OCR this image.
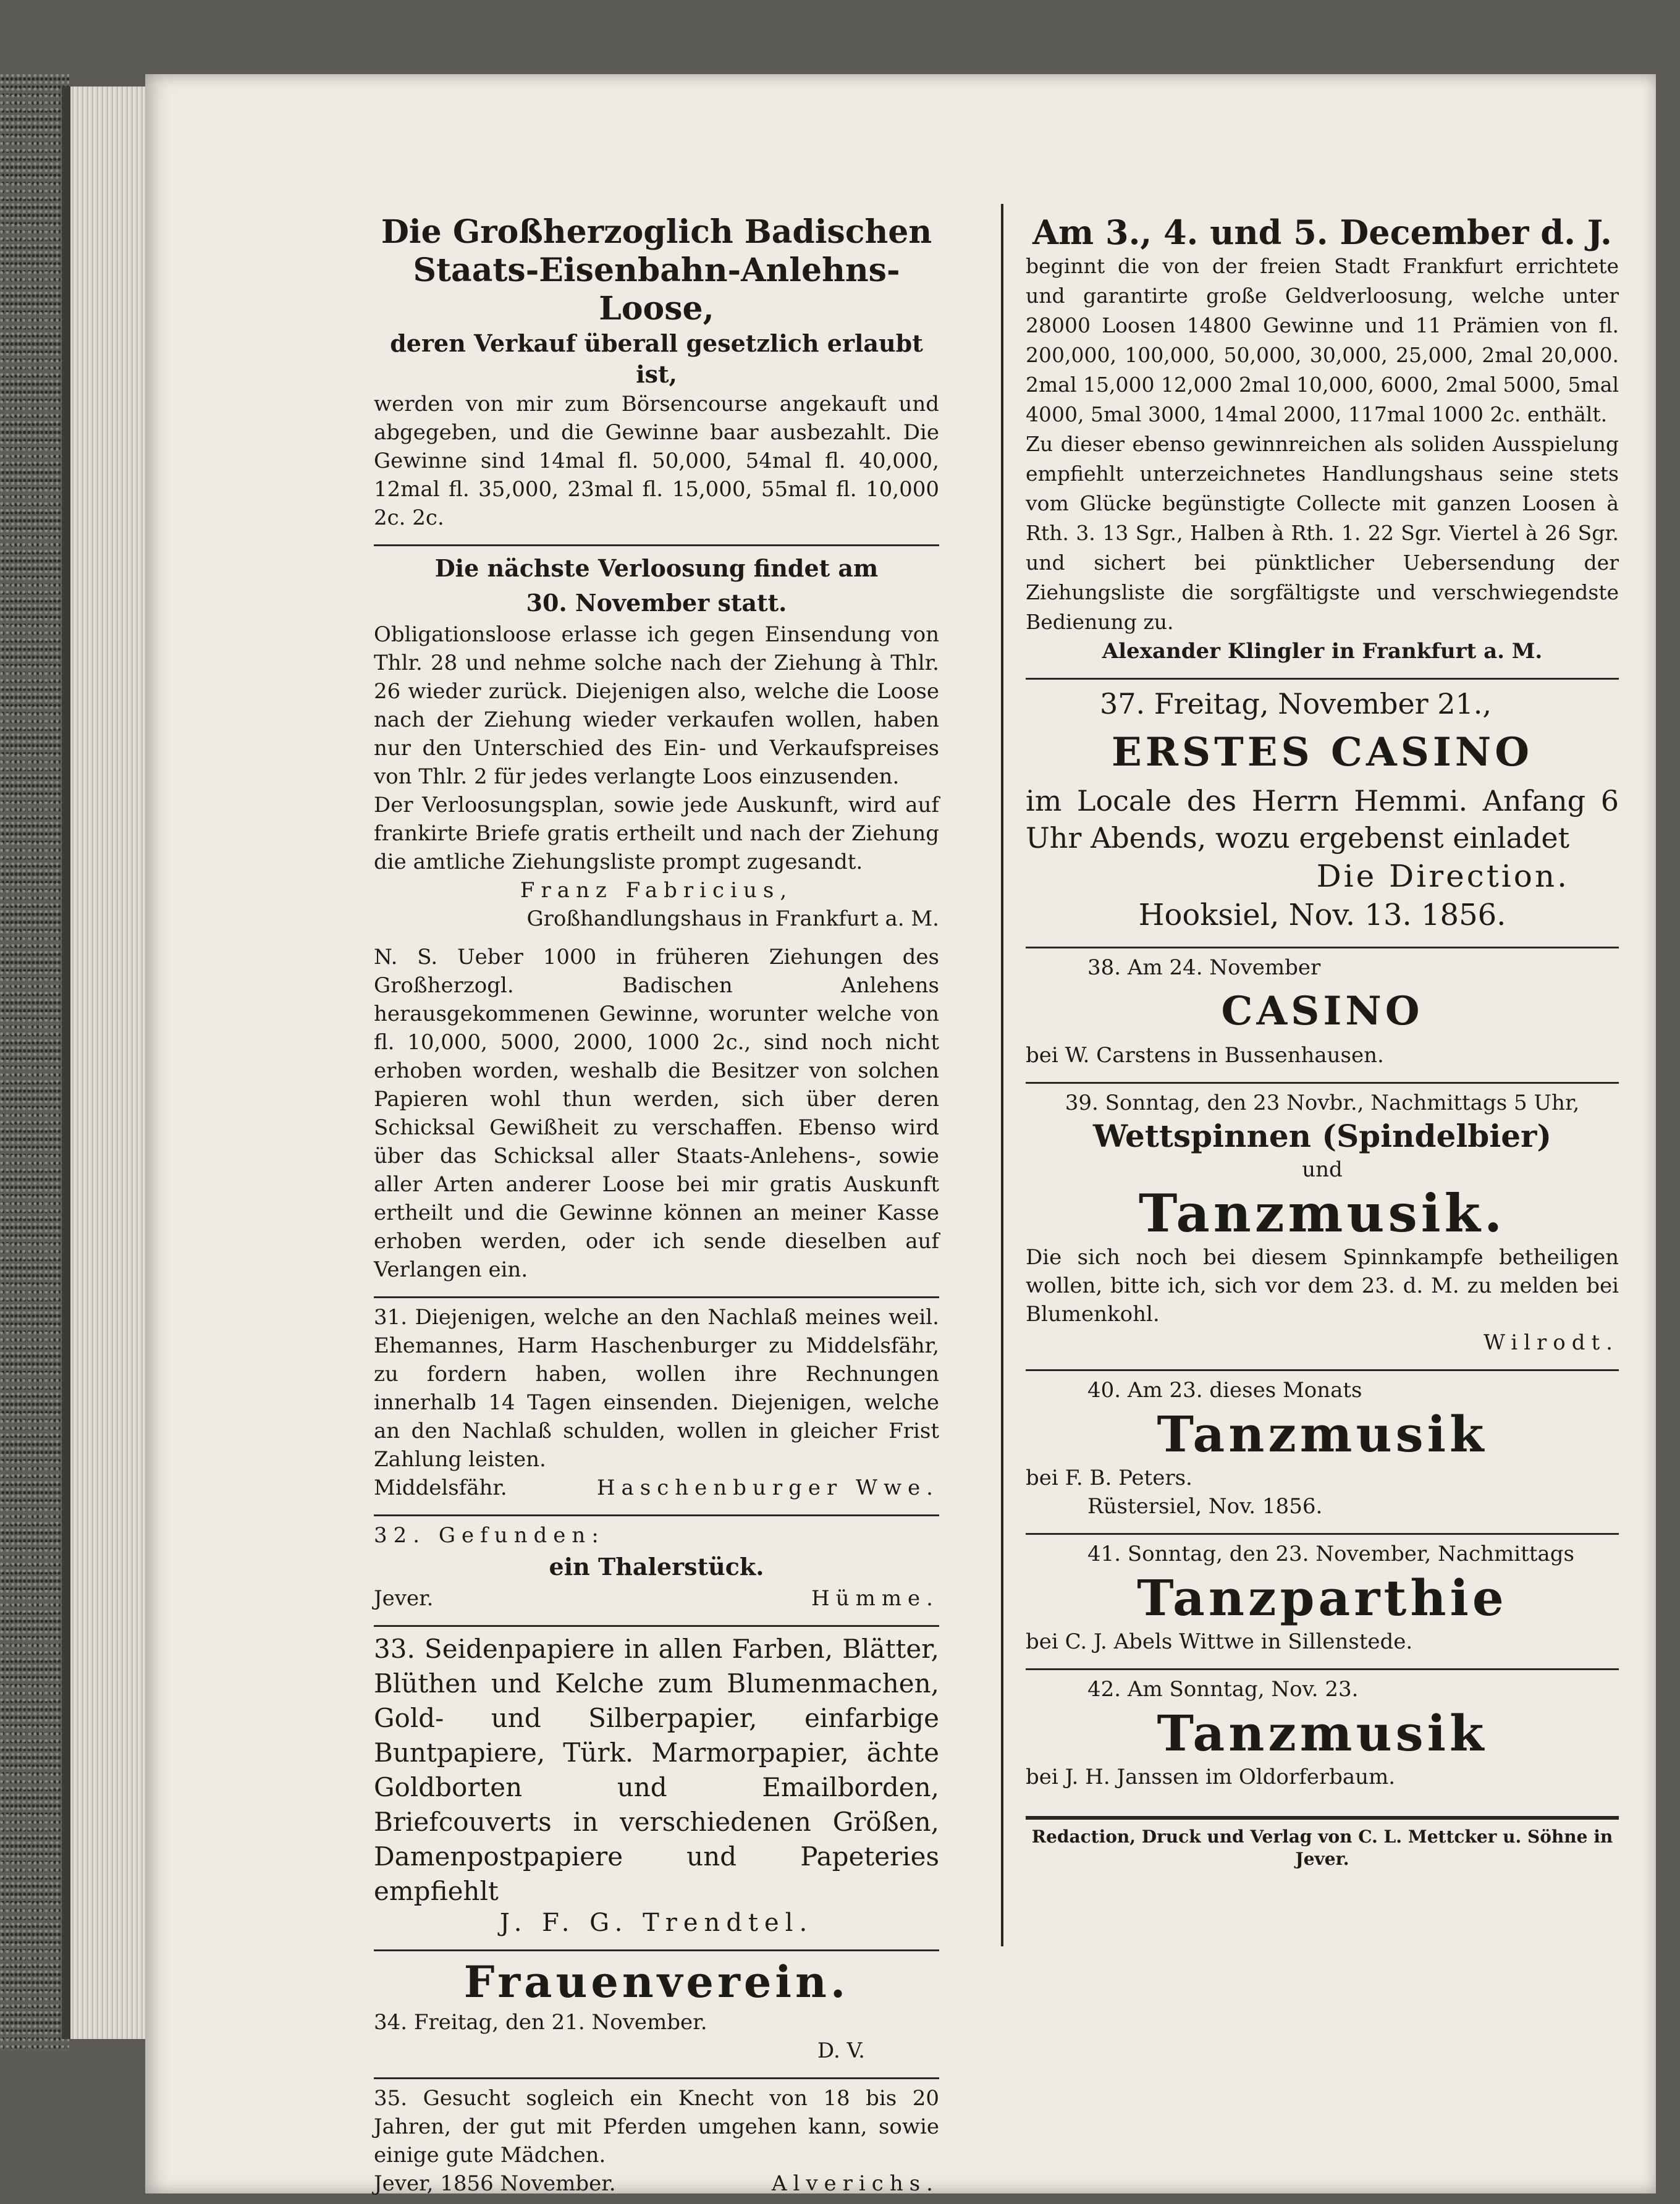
Die Großherzoglich Badischen

Staats-Eisenbahn-Anlehns-Loose,

deren Verkauf überall gesetzlich erlaubt ist,

werden von mir zum Börsencourse angekauft und abgegeben, und die Gewinne baar ausbezahlt. Die Gewinne sind 14mal fl. 50,000, 54mal fl. 40,000, 12mal fl. 35,000, 23mal fl. 15,000, 55mal fl. 10,000 2c. 2c.

Die nächste Verloosung findet am

30. November statt.

Obligationsloose erlasse ich gegen Einsendung von Thlr. 28 und nehme solche nach der Ziehung à Thlr. 26 wieder zurück. Diejenigen also, welche die Loose nach der Ziehung wieder verkaufen wollen, haben nur den Unterschied des Ein- und Verkaufspreises von Thlr. 2 für jedes verlangte Loos einzusenden.

Der Verloosungsplan, sowie jede Auskunft, wird auf frankirte Briefe gratis ertheilt und nach der Ziehung die amtliche Ziehungsliste prompt zugesandt.

Franz Fabricius,

Großhandlungshaus in Frankfurt a. M.

N. S. Ueber 1000 in früheren Ziehungen des Großherzogl. Badischen Anlehens herausgekommenen Gewinne, worunter welche von fl. 10,000, 5000, 2000, 1000 2c., sind noch nicht erhoben worden, weshalb die Besitzer von solchen Papieren wohl thun werden, sich über deren Schicksal Gewißheit zu verschaffen. Ebenso wird über das Schicksal aller Staats-Anlehens-, sowie aller Arten anderer Loose bei mir gratis Auskunft ertheilt und die Gewinne können an meiner Kasse erhoben werden, oder ich sende dieselben auf Verlangen ein.

31. Diejenigen, welche an den Nachlaß meines weil. Ehemannes, Harm Haschenburger zu Middelsfähr, zu fordern haben, wollen ihre Rechnungen innerhalb 14 Tagen einsenden. Diejenigen, welche an den Nachlaß schulden, wollen in gleicher Frist Zahlung leisten.

Middelsfähr.	Haschenburger Wwe.

32. Gefunden:

ein Thalerstück.

Jever.	Hümme.

33. Seidenpapiere in allen Farben, Blätter, Blüthen und Kelche zum Blumenmachen, Gold- und Silberpapier, einfarbige Buntpapiere, Türk. Marmorpapier, ächte Goldborten und Emailborden, Briefcouverts in verschiedenen Größen, Damenpostpapiere und Papeteries empfiehlt

J. F. G. Trendtel.

Frauenverein.

34. Freitag, den 21. November.

D. V.

35. Gesucht sogleich ein Knecht von 18 bis 20 Jahren, der gut mit Pferden umgehen kann, sowie einige gute Mädchen.

Jever, 1856 November.	Alverichs.

Am 3., 4. und 5. December d. J.

beginnt die von der freien Stadt Frankfurt errichtete und garantirte große Geldverloosung, welche unter 28000 Loosen 14800 Gewinne und 11 Prämien von fl. 200,000, 100,000, 50,000, 30,000, 25,000, 2mal 20,000. 2mal 15,000 12,000 2mal 10,000, 6000, 2mal 5000, 5mal 4000, 5mal 3000, 14mal 2000, 117mal 1000 2c. enthält.

Zu dieser ebenso gewinnreichen als soliden Ausspielung empfiehlt unterzeichnetes Handlungshaus seine stets vom Glücke begünstigte Collecte mit ganzen Loosen à Rth. 3. 13 Sgr., Halben à Rth. 1. 22 Sgr. Viertel à 26 Sgr. und sichert bei pünktlicher Uebersendung der Ziehungsliste die sorgfältigste und verschwiegendste Bedienung zu.

Alexander Klingler in Frankfurt a. M.

37. Freitag, November 21.,

ERSTES CASINO

im Locale des Herrn Hemmi. Anfang 6 Uhr Abends, wozu ergebenst einladet

Die Direction.

Hooksiel, Nov. 13. 1856.

38. Am 24. November

CASINO

bei W. Carstens in Bussenhausen.

39. Sonntag, den 23 Novbr., Nachmittags 5 Uhr,

Wettspinnen (Spindelbier)

und

Tanzmusik.

Die sich noch bei diesem Spinnkampfe betheiligen wollen, bitte ich, sich vor dem 23. d. M. zu melden bei Blumenkohl.

Wilrodt.

40. Am 23. dieses Monats

Tanzmusik

bei F. B. Peters.

Rüstersiel, Nov. 1856.

41. Sonntag, den 23. November, Nachmittags

Tanzparthie

bei C. J. Abels Wittwe in Sillenstede.

42. Am Sonntag, Nov. 23.

Tanzmusik

bei J. H. Janssen im Oldorferbaum.

Redaction, Druck und Verlag von C. L. Mettcker u. Söhne in Jever.
